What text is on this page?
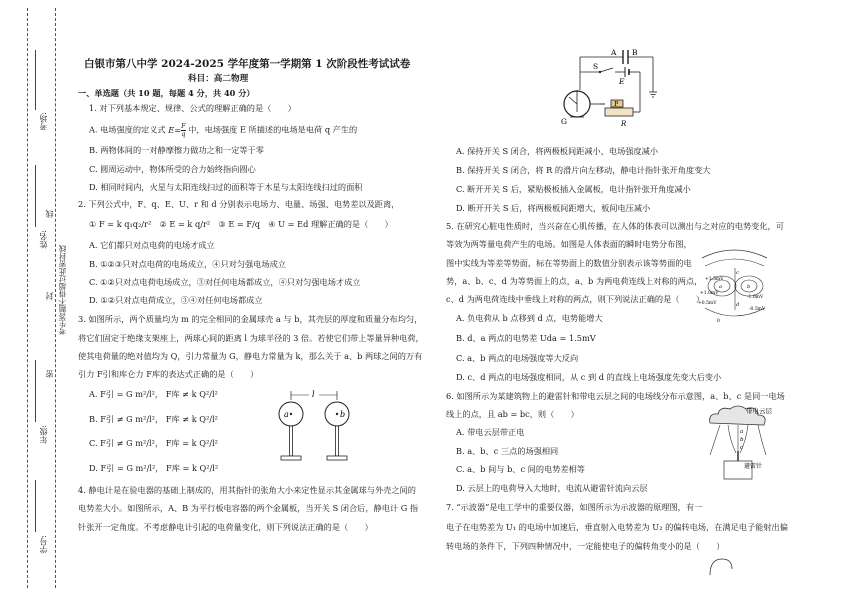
考场:
姓名:
年级:
学号:
线
封
密
考生答题不得超过此密封线
白银市第八中学 2024-2025 学年度第一学期第 1 次阶段性考试试卷
科目：高二物理
一、单选题（共 10 题，每题 4 分，共 40 分）
1. 对下列基本规定、规律、公式的理解正确的是（　　）
A. 电场强度的定义式 $E= \frac{F}{q}$ 中，电场强度 E 所描述的电场是电荷 q 产生的
B. 两物体间的一对静摩擦力做功之和一定等于零
C. 圆周运动中，物体所受的合力始终指向圆心
D. 相同时间内，火星与太阳连线扫过的面积等于木星与太阳连线扫过的面积
2. 下列公式中，F、q、E、U、r 和 d 分别表示电场力、电量、场强、电势差以及距离，
① F = k q₁q₂/r²　② E = k q/r²　③ E = F/q　④ U = Ed 理解正确的是（　　）
A. 它们都只对点电荷的电场才成立
B. ①②③只对点电荷的电场成立，④只对匀强电场成立
C. ①②只对点电荷电场成立，③对任何电场都成立，④只对匀强电场才成立
D. ①②只对点电荷成立，③④对任何电场都成立
3. 如图所示，两个质量均为 m 的完全相同的金属球壳 a 与 b，其壳层的厚度和质量分布均匀，
将它们固定于绝缘支架座上，两球心间的距离 l 为球半径的 3 倍。若使它们带上等量异种电荷，
使其电荷量的绝对值均为 Q，引力常量为 G，静电力常量为 k，那么关于 a、b 两球之间的万有
引力 F引和库仑力 F库的表达式正确的是（　　）
A. F引 = G m²/l²， F库 ≠ k Q²/l²
B. F引 ≠ G m²/l²， F库 ≠ k Q²/l²
C. F引 ≠ G m²/l²， F库 = k Q²/l²
D. F引 = G m²/l²， F库 = k Q²/l²
l
a	b
4. 静电计是在验电器的基础上制成的，用其指针的张角大小来定性显示其金属球与外壳之间的
电势差大小。如图所示，A、B 为平行板电容器的两个金属板，当开关 S 闭合后，静电计 G 指
针张开一定角度。不考虑静电计引起的电荷量变化，则下列说法正确的是（　　）
A B
S
E
G
P
R
A. 保持开关 S 闭合，将两极板间距减小，电场强度减小
B. 保持开关 S 闭合，将 R 的滑片向左移动，静电计指针张开角度变大
C. 断开开关 S 后，紧贴极板插入金属板，电计指针张开角度减小
D. 断开开关 S 后，将两极板间距增大，板间电压减小
5. 在研究心脏电性质时，当兴奋在心肌传播，在人体的体表可以测出与之对应的电势变化，可
等效为两等量电荷产生的电场。如图是人体表面的瞬时电势分布图，
图中实线为等差等势面，标在等势面上的数值分别表示该等势面的电
势，a、b、c、d 为等势面上的点，a、b 为两电荷连线上对称的两点，
c、d 为两电荷连线中垂线上对称的两点，则下列说法正确的是（　　）
A. 负电荷从 b 点移到 d 点，电势能增大
B. d、a 两点的电势差 Uda = 1.5mV
C. a、b 两点的电场强度等大反向
D. c、d 两点的电场强度相同，从 c 到 d 的直线上电场强度先变大后变小
+1.5mV
+1.0mV
+0.5mV
-1.0mV
-0.5mV
0
a	b
c
d
6. 如图所示为某建筑物上的避雷针和带电云层之间的电场线分布示意图，a、b、c 是同一电场
线上的点，且 ab = bc，则（　　）
A. 带电云层带正电
B. a、b、c 三点的场强相同
C. a、b 间与 b、c 间的电势差相等
D. 云层上的电荷导入大地时，电流从避雷针流向云层
带电云层
a
b
c
避雷针
7. “示波器”是电工学中的重要仪器，如图所示为示波器的原理图，有一
电子在电势差为 U₁ 的电场中加速后，垂直射入电势差为 U₂ 的偏转电场，在满足电子能射出偏
转电场的条件下，下列四种情况中，一定能使电子的偏转角变小的是（　　）
